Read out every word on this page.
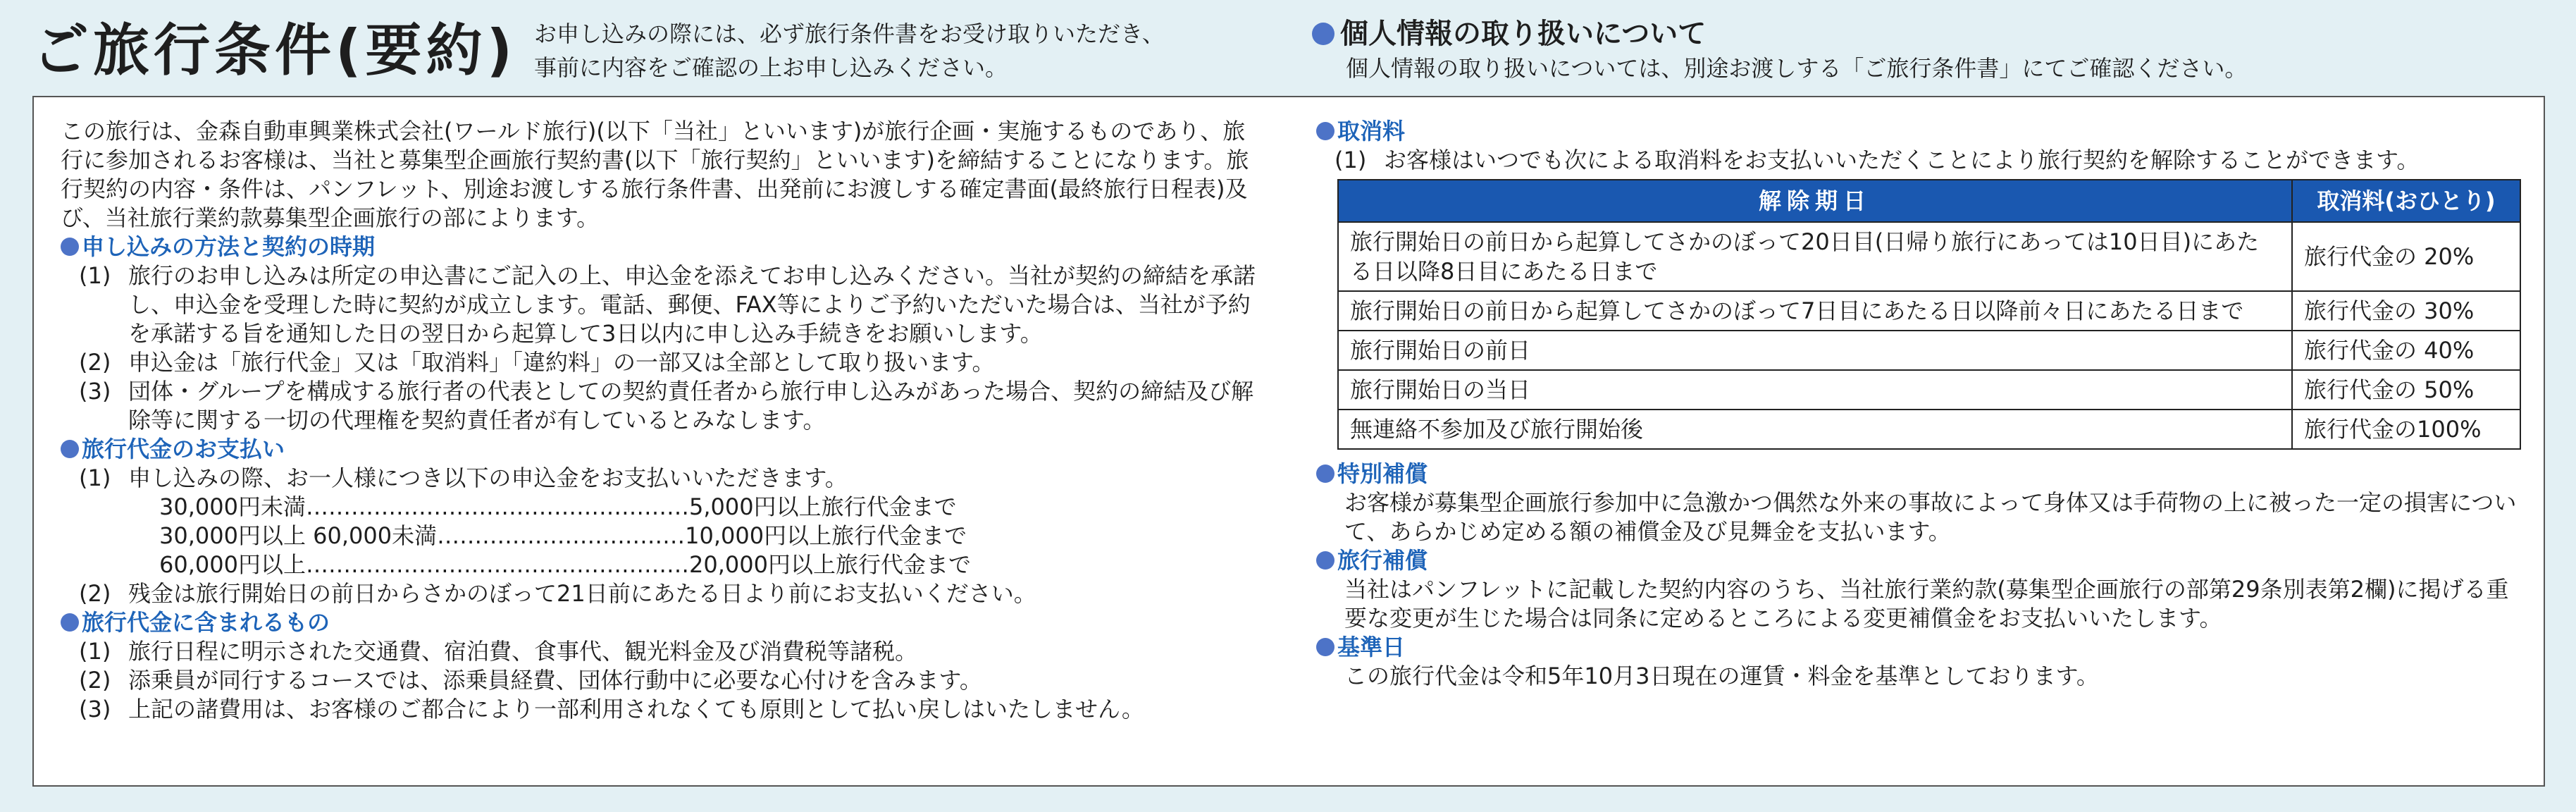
ご旅行条件(要約) お申し込みの際には、必ず旅行条件書をお受け取りいただき、
事前に内容をご確認の上お申し込みください。
個人情報の取り扱いについて
個人情報の取り扱いについては、別途お渡しする「ご旅行条件書」にてご確認ください。

この旅行は、金森自動車興業株式会社(ワールド旅行)(以下「当社」といいます)が旅行企画・実施するものであり、旅行に参加されるお客様は、当社と募集型企画旅行契約書(以下「旅行契約」といいます)を締結することになります。旅行契約の内容・条件は、パンフレット、別途お渡しする旅行条件書、出発前にお渡しする確定書面(最終旅行日程表)及び、当社旅行業約款募集型企画旅行の部によります。

申し込みの方法と契約の時期
(1) 旅行のお申し込みは所定の申込書にご記入の上、申込金を添えてお申し込みください。当社が契約の締結を承諾し、申込金を受理した時に契約が成立します。電話、郵便、FAX等によりご予約いただいた場合は、当社が予約を承諾する旨を通知した日の翌日から起算して3日以内に申し込み手続きをお願いします。
(2) 申込金は「旅行代金」又は「取消料」「違約料」の一部又は全部として取り扱います。
(3) 団体・グループを構成する旅行者の代表としての契約責任者から旅行申し込みがあった場合、契約の締結及び解除等に関する一切の代理権を契約責任者が有しているとみなします。
旅行代金のお支払い
(1) 申し込みの際、お一人様につき以下の申込金をお支払いいただきます。
30,000円未満 …………………………………………… 5,000円以上旅行代金まで
30,000円以上 60,000未満 …………………………… 10,000円以上旅行代金まで
60,000円以上 …………………………………………… 20,000円以上旅行代金まで
(2) 残金は旅行開始日の前日からさかのぼって21日前にあたる日より前にお支払いください。
旅行代金に含まれるもの
(1) 旅行日程に明示された交通費、宿泊費、食事代、観光料金及び消費税等諸税。
(2) 添乗員が同行するコースでは、添乗員経費、団体行動中に必要な心付けを含みます。
(3) 上記の諸費用は、お客様のご都合により一部利用されなくても原則として払い戻しはいたしません。
取消料
(1) お客様はいつでも次による取消料をお支払いいただくことにより旅行契約を解除することができます。
解除期日	取消料(おひとり)
旅行開始日の前日から起算してさかのぼって20日目(日帰り旅行にあっては10日目)にあたる日以降8日目にあたる日まで	旅行代金の 20%
旅行開始日の前日から起算してさかのぼって7日目にあたる日以降前々日にあたる日まで	旅行代金の 30%
旅行開始日の前日	旅行代金の 40%
旅行開始日の当日	旅行代金の 50%
無連絡不参加及び旅行開始後	旅行代金の100%
特別補償

お客様が募集型企画旅行参加中に急激かつ偶然な外来の事故によって身体又は手荷物の上に被った一定の損害について、あらかじめ定める額の補償金及び見舞金を支払います。

旅行補償

当社はパンフレットに記載した契約内容のうち、当社旅行業約款(募集型企画旅行の部第29条別表第2欄)に掲げる重要な変更が生じた場合は同条に定めるところによる変更補償金をお支払いいたします。

基準日

この旅行代金は令和5年10月3日現在の運賃・料金を基準としております。
